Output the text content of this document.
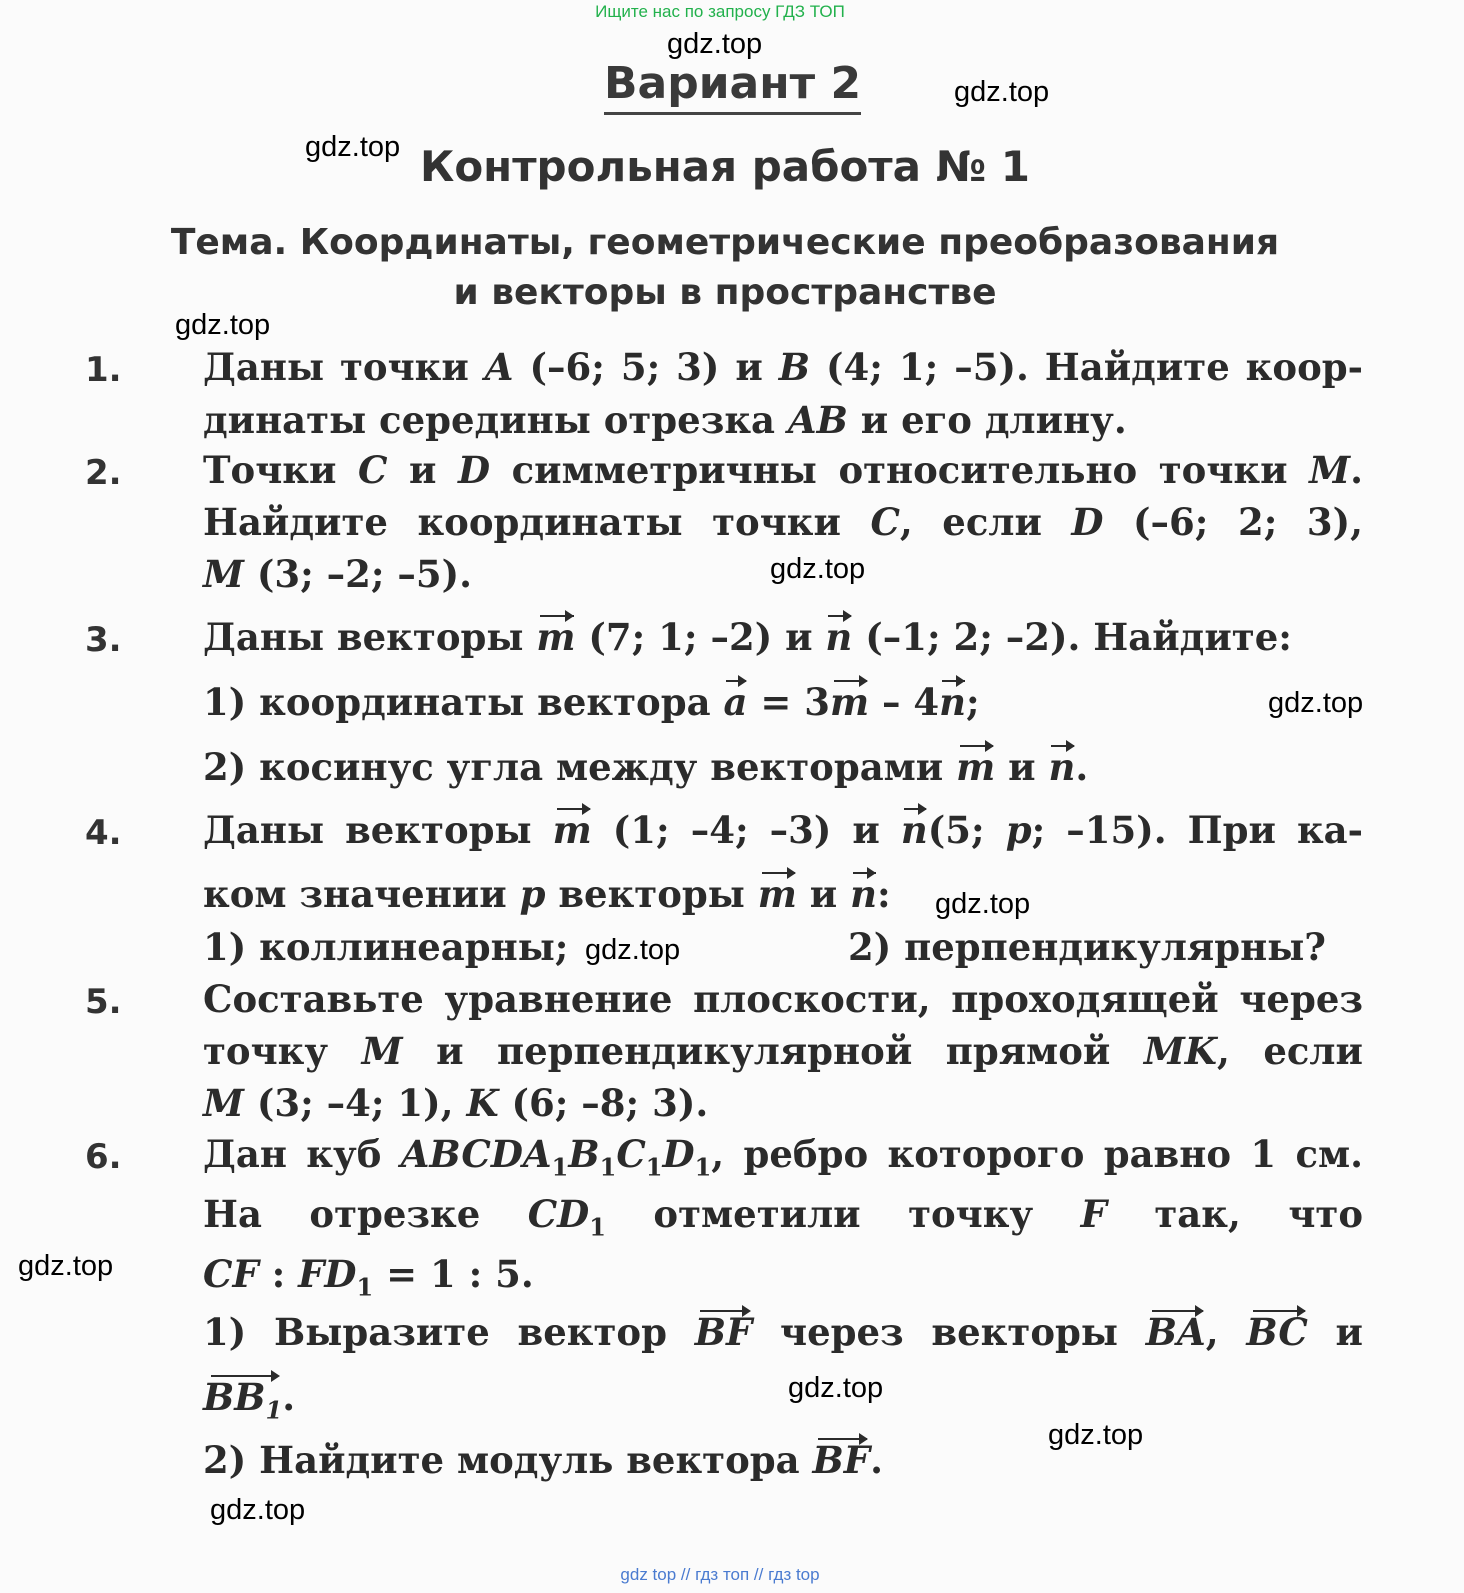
Ищите нас по запросу ГДЗ ТОП
Вариант 2
Контрольная работа № 1
Тема. Координаты, геометрические преобразования
и векторы в пространстве
1. Даны точки A (–6; 5; 3) и B (4; 1; –5). Найдите коор-
динаты середины отрезка AB и его длину.
2. Точки C и D симметричны относительно точки M.
Найдите координаты точки C, если D (–6; 2; 3),
M (3; –2; –5).
3. Даны векторы m (7; 1; –2) и n (–1; 2; –2). Найдите:
1) координаты вектора a = 3m – 4n;
2) косинус угла между векторами m и n.
4. Даны векторы m (1; –4; –3) и n(5; p; –15). При ка-
ком значении p векторы m и n:
1) коллинеарны;	2) перпендикулярны?
5. Составьте уравнение плоскости, проходящей через
точку M и перпендикулярной прямой MK, если
M (3; –4; 1), K (6; –8; 3).
6. Дан куб $ABCDA_1B_1C_1D_1$, ребро которого равно 1 см.
На отрезке $CD_1$ отметили точку F так, что
CF : $FD_1 = 1$ : 5.
1) Выразите вектор BF через векторы BA, BC и
$BB_1$.
2) Найдите модуль вектора BF.
gdz.top
gdz.top
gdz.top
gdz.top
gdz.top
gdz.top
gdz.top
gdz.top
gdz.top
gdz.top
gdz.top
gdz.top
gdz top // гдз топ // гдз top
